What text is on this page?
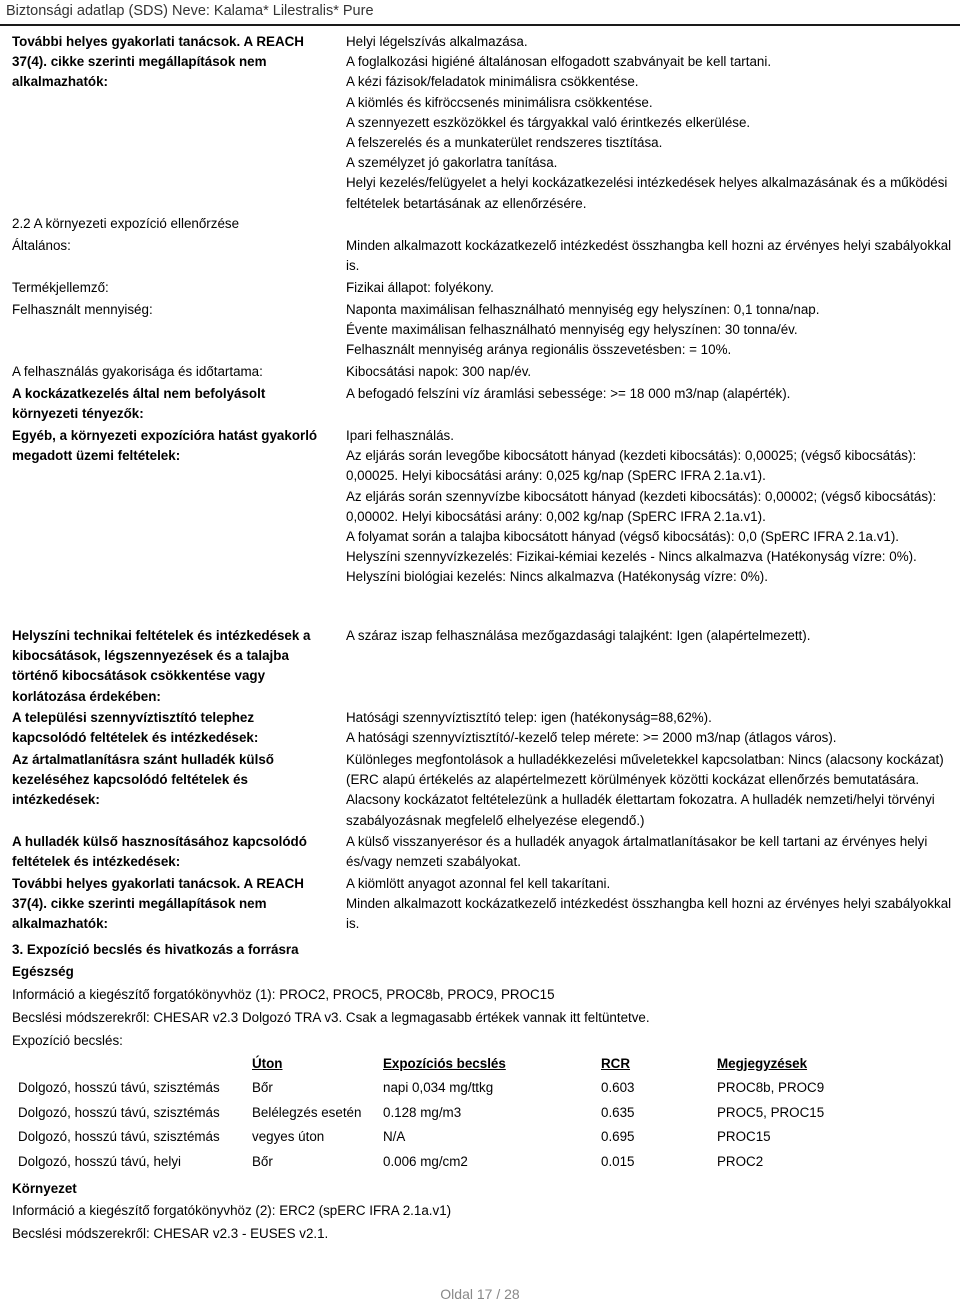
Biztonsági adatlap (SDS) Neve: Kalama* Lilestralis* Pure
További helyes gyakorlati tanácsok. A REACH 37(4). cikke szerinti megállapítások nem alkalmazhatók:
Helyi légelszívás alkalmazása.
A foglalkozási higiéné általánosan elfogadott szabványait be kell tartani.
A kézi fázisok/feladatok minimálisra csökkentése.
A kiömlés és kifröccsenés minimálisra csökkentése.
A szennyezett eszközökkel és tárgyakkal való érintkezés elkerülése.
A felszerelés és a munkaterület rendszeres tisztítása.
A személyzet jó gakorlatra tanítása.
Helyi kezelés/felügyelet a helyi kockázatkezelési intézkedések helyes alkalmazásának és a működési feltételek betartásának az ellenőrzésére.
2.2 A környezeti expozíció ellenőrzése
Általános:	Minden alkalmazott kockázatkezelő intézkedést összhangba kell hozni az érvényes helyi szabályokkal is.
Termékjellemző:	Fizikai állapot: folyékony.
Felhasznált mennyiség:	Naponta maximálisan felhasználható mennyiség egy helyszínen: 0,1 tonna/nap.
Évente maximálisan felhasználható mennyiség egy helyszínen: 30 tonna/év.
Felhasznált mennyiség aránya regionális összevetésben: = 10%.
A felhasználás gyakorisága és időtartama:	Kibocsátási napok: 300 nap/év.
A kockázatkezelés által nem befolyásolt környezeti tényezők:
A befogadó felszíni víz áramlási sebessége: >= 18 000 m3/nap (alapérték).
Egyéb, a környezeti expozícióra hatást gyakorló megadott üzemi feltételek:
Ipari felhasználás.
Az eljárás során levegőbe kibocsátott hányad (kezdeti kibocsátás): 0,00025; (végső kibocsátás): 0,00025. Helyi kibocsátási arány: 0,025 kg/nap (SpERC IFRA 2.1a.v1).
Az eljárás során szennyvízbe kibocsátott hányad (kezdeti kibocsátás): 0,00002; (végső kibocsátás): 0,00002. Helyi kibocsátási arány: 0,002 kg/nap (SpERC IFRA 2.1a.v1).
A folyamat során a talajba kibocsátott hányad (végső kibocsátás): 0,0 (SpERC IFRA 2.1a.v1).
Helyszíni szennyvízkezelés: Fizikai-kémiai kezelés - Nincs alkalmazva (Hatékonyság vízre: 0%).
Helyszíni biológiai kezelés: Nincs alkalmazva (Hatékonyság vízre: 0%).
Helyszíni technikai feltételek és intézkedések a kibocsátások, légszennyezések és a talajba történő kibocsátások csökkentése vagy korlátozása érdekében:
A száraz iszap felhasználása mezőgazdasági talajként: Igen (alapértelmezett).
A települési szennyvíztisztító telephez kapcsolódó feltételek és intézkedések:
Hatósági szennyvíztisztító telep: igen (hatékonyság=88,62%).
A hatósági szennyvíztisztító/-kezelő telep mérete: >= 2000 m3/nap (átlagos város).
Az ártalmatlanításra szánt hulladék külső kezeléséhez kapcsolódó feltételek és intézkedések:
Különleges megfontolások a hulladékkezelési műveletekkel kapcsolatban: Nincs (alacsony kockázat) (ERC alapú értékelés az alapértelmezett körülmények közötti kockázat ellenőrzés bemutatására. Alacsony kockázatot feltételezünk a hulladék élettartam fokozatra. A hulladék nemzeti/helyi törvényi szabályozásnak megfelelő elhelyezése elegendő.)
A hulladék külső hasznosításához kapcsolódó feltételek és intézkedések:
A külső visszanyerésor és a hulladék anyagok ártalmatlanításakor be kell tartani az érvényes helyi és/vagy nemzeti szabályokat.
További helyes gyakorlati tanácsok. A REACH 37(4). cikke szerinti megállapítások nem alkalmazhatók:
A kiömlött anyagot azonnal fel kell takarítani.
Minden alkalmazott kockázatkezelő intézkedést összhangba kell hozni az érvényes helyi szabályokkal is.
3. Expozíció becslés és hivatkozás a forrásra
Egészség
Információ a kiegészítő forgatókönyvhöz (1): PROC2, PROC5, PROC8b, PROC9, PROC15
Becslési módszerekről: CHESAR v2.3 Dolgozó TRA v3. Csak a legmagasabb értékek vannak itt feltüntetve.
Expozíció becslés:
	Úton	Expozíciós becslés	RCR	Megjegyzések
Dolgozó, hosszú távú, szisztémás	Bőr	napi 0,034 mg/ttkg	0.603	PROC8b, PROC9
Dolgozó, hosszú távú, szisztémás	Belélegzés esetén	0.128 mg/m3	0.635	PROC5, PROC15
Dolgozó, hosszú távú, szisztémás	vegyes úton	N/A	0.695	PROC15
Dolgozó, hosszú távú, helyi	Bőr	0.006 mg/cm2	0.015	PROC2
Környezet
Információ a kiegészítő forgatókönyvhöz (2): ERC2 (spERC IFRA 2.1a.v1)
Becslési módszerekről: CHESAR v2.3 - EUSES v2.1.
Oldal 17 / 28
